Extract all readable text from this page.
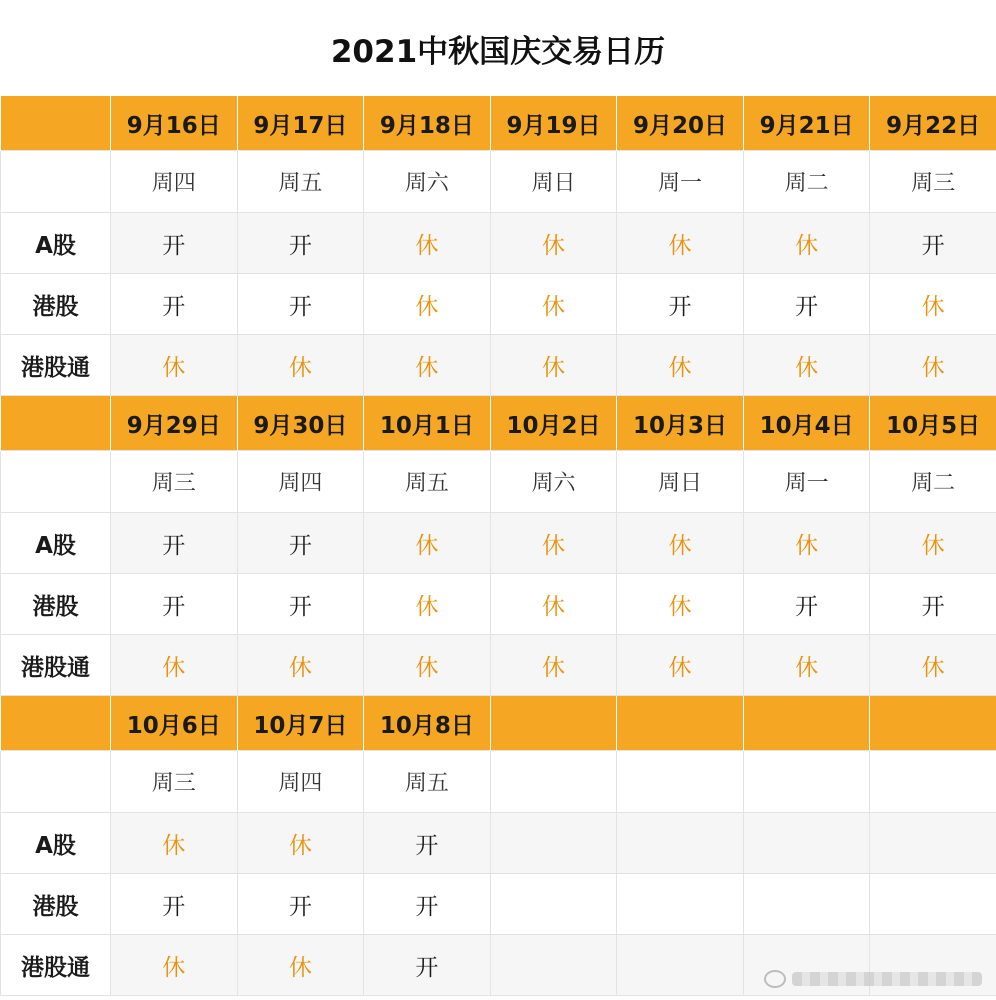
2021中秋国庆交易日历
	9月16日	9月17日	9月18日	9月19日	9月20日	9月21日	9月22日
	周四	周五	周六	周日	周一	周二	周三
A股	开	开	休	休	休	休	开
港股	开	开	休	休	开	开	休
港股通	休	休	休	休	休	休	休
	9月29日	9月30日	10月1日	10月2日	10月3日	10月4日	10月5日
	周三	周四	周五	周六	周日	周一	周二
A股	开	开	休	休	休	休	休
港股	开	开	休	休	休	开	开
港股通	休	休	休	休	休	休	休
	10月6日	10月7日	10月8日				
	周三	周四	周五				
A股	休	休	开				
港股	开	开	开				
港股通	休	休	开				
